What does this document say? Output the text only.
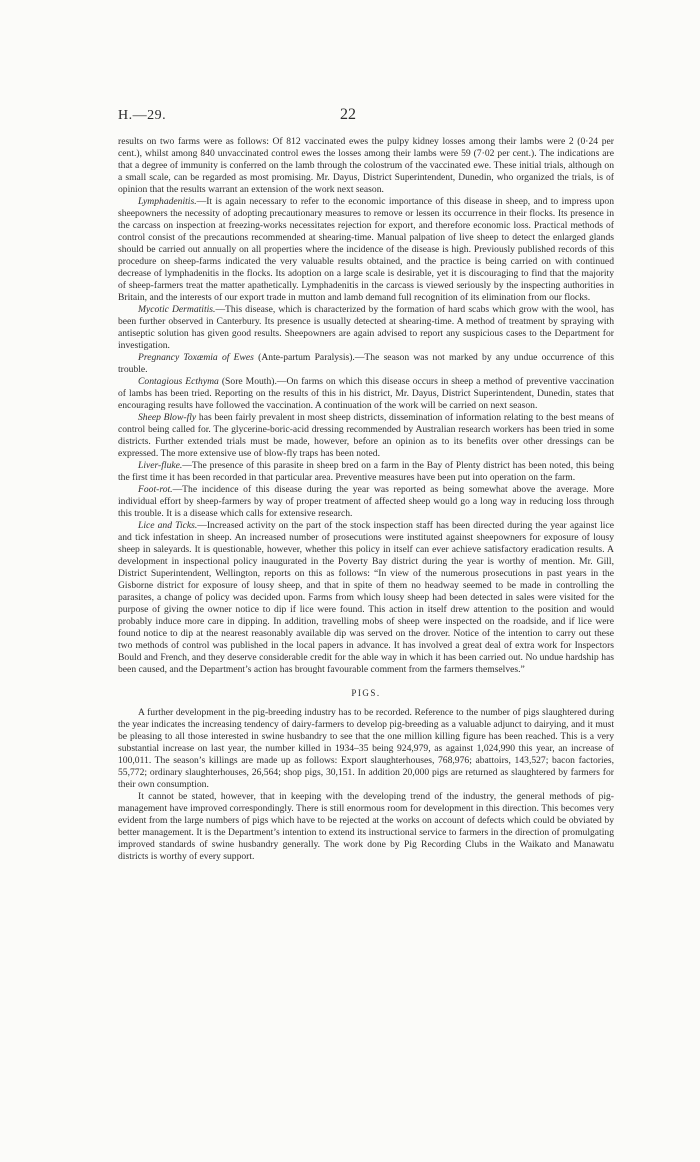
H.—29.	22

results on two farms were as follows: Of 812 vaccinated ewes the pulpy kidney losses among their lambs were 2 (0·24 per cent.), whilst among 840 unvaccinated control ewes the losses among their lambs were 59 (7·02 per cent.). The indications are that a degree of immunity is conferred on the lamb through the colostrum of the vaccinated ewe. These initial trials, although on a small scale, can be regarded as most promising. Mr. Dayus, District Superintendent, Dunedin, who organized the trials, is of opinion that the results warrant an extension of the work next season.

Lymphadenitis.—It is again necessary to refer to the economic importance of this disease in sheep, and to impress upon sheepowners the necessity of adopting precautionary measures to remove or lessen its occurrence in their flocks. Its presence in the carcass on inspection at freezing-works necessitates rejection for export, and therefore economic loss. Practical methods of control consist of the precautions recommended at shearing-time. Manual palpation of live sheep to detect the enlarged glands should be carried out annually on all properties where the incidence of the disease is high. Previously published records of this procedure on sheep-farms indicated the very valuable results obtained, and the practice is being carried on with continued decrease of lymphadenitis in the flocks. Its adoption on a large scale is desirable, yet it is discouraging to find that the majority of sheep-farmers treat the matter apathetically. Lymphadenitis in the carcass is viewed seriously by the inspecting authorities in Britain, and the interests of our export trade in mutton and lamb demand full recognition of its elimination from our flocks.

Mycotic Dermatitis.—This disease, which is characterized by the formation of hard scabs which grow with the wool, has been further observed in Canterbury. Its presence is usually detected at shearing-time. A method of treatment by spraying with antiseptic solution has given good results. Sheepowners are again advised to report any suspicious cases to the Department for investigation.

Pregnancy Toxæmia of Ewes (Ante-partum Paralysis).—The season was not marked by any undue occurrence of this trouble.

Contagious Ecthyma (Sore Mouth).—On farms on which this disease occurs in sheep a method of preventive vaccination of lambs has been tried. Reporting on the results of this in his district, Mr. Dayus, District Superintendent, Dunedin, states that encouraging results have followed the vaccination. A continuation of the work will be carried on next season.

Sheep Blow-fly has been fairly prevalent in most sheep districts, dissemination of information relating to the best means of control being called for. The glycerine-boric-acid dressing recommended by Australian research workers has been tried in some districts. Further extended trials must be made, however, before an opinion as to its benefits over other dressings can be expressed. The more extensive use of blow-fly traps has been noted.

Liver-fluke.—The presence of this parasite in sheep bred on a farm in the Bay of Plenty district has been noted, this being the first time it has been recorded in that particular area. Preventive measures have been put into operation on the farm.

Foot-rot.—The incidence of this disease during the year was reported as being somewhat above the average. More individual effort by sheep-farmers by way of proper treatment of affected sheep would go a long way in reducing loss through this trouble. It is a disease which calls for extensive research.

Lice and Ticks.—Increased activity on the part of the stock inspection staff has been directed during the year against lice and tick infestation in sheep. An increased number of prosecutions were instituted against sheepowners for exposure of lousy sheep in saleyards. It is questionable, however, whether this policy in itself can ever achieve satisfactory eradication results. A development in inspectional policy inaugurated in the Poverty Bay district during the year is worthy of mention. Mr. Gill, District Superintendent, Wellington, reports on this as follows: “In view of the numerous prosecutions in past years in the Gisborne district for exposure of lousy sheep, and that in spite of them no headway seemed to be made in controlling the parasites, a change of policy was decided upon. Farms from which lousy sheep had been detected in sales were visited for the purpose of giving the owner notice to dip if lice were found. This action in itself drew attention to the position and would probably induce more care in dipping. In addition, travelling mobs of sheep were inspected on the roadside, and if lice were found notice to dip at the nearest reasonably available dip was served on the drover. Notice of the intention to carry out these two methods of control was published in the local papers in advance. It has involved a great deal of extra work for Inspectors Bould and French, and they deserve considerable credit for the able way in which it has been carried out. No undue hardship has been caused, and the Department’s action has brought favourable comment from the farmers themselves.”

PIGS.

A further development in the pig-breeding industry has to be recorded. Reference to the number of pigs slaughtered during the year indicates the increasing tendency of dairy-farmers to develop pig-breeding as a valuable adjunct to dairying, and it must be pleasing to all those interested in swine husbandry to see that the one million killing figure has been reached. This is a very substantial increase on last year, the number killed in 1934–35 being 924,979, as against 1,024,990 this year, an increase of 100,011. The season’s killings are made up as follows: Export slaughterhouses, 768,976; abattoirs, 143,527; bacon factories, 55,772; ordinary slaughterhouses, 26,564; shop pigs, 30,151. In addition 20,000 pigs are returned as slaughtered by farmers for their own consumption.

It cannot be stated, however, that in keeping with the developing trend of the industry, the general methods of pig-management have improved correspondingly. There is still enormous room for development in this direction. This becomes very evident from the large numbers of pigs which have to be rejected at the works on account of defects which could be obviated by better management. It is the Department’s intention to extend its instructional service to farmers in the direction of promulgating improved standards of swine husbandry generally. The work done by Pig Recording Clubs in the Waikato and Manawatu districts is worthy of every support.
